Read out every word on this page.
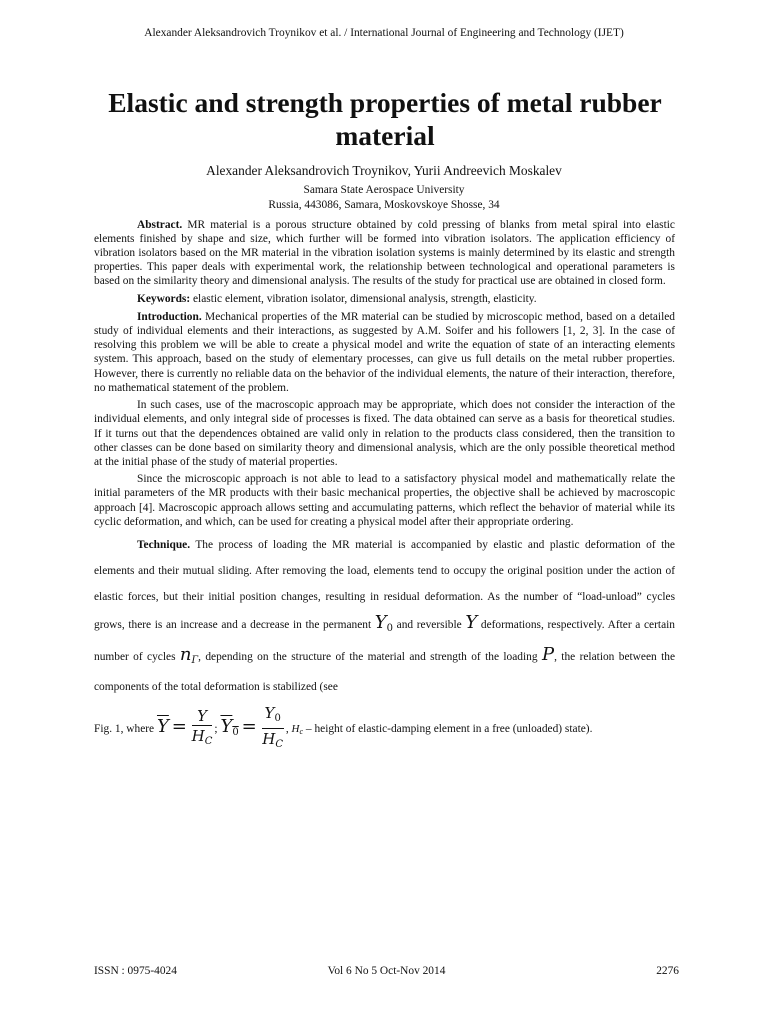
Alexander Aleksandrovich Troynikov et al. / International Journal of Engineering and Technology (IJET)
Elastic and strength properties of metal rubber material
Alexander Aleksandrovich Troynikov, Yurii Andreevich Moskalev
Samara State Aerospace University
Russia, 443086, Samara, Moskovskoye Shosse, 34

Abstract. MR material is a porous structure obtained by cold pressing of blanks from metal spiral into elastic elements finished by shape and size, which further will be formed into vibration isolators. The application efficiency of vibration isolators based on the MR material in the vibration isolation systems is mainly determined by its elastic and strength properties. This paper deals with experimental work, the relationship between technological and operational parameters is based on the similarity theory and dimensional analysis. The results of the study for practical use are obtained in closed form.

Keywords: elastic element, vibration isolator, dimensional analysis, strength, elasticity.

Introduction. Mechanical properties of the MR material can be studied by microscopic method, based on a detailed study of individual elements and their interactions, as suggested by A.M. Soifer and his followers [1, 2, 3]. In the case of resolving this problem we will be able to create a physical model and write the equation of state of an interacting elements system. This approach, based on the study of elementary processes, can give us full details on the metal rubber properties. However, there is currently no reliable data on the behavior of the individual elements, the nature of their interaction, therefore, no mathematical statement of the problem.

In such cases, use of the macroscopic approach may be appropriate, which does not consider the interaction of the individual elements, and only integral side of processes is fixed. The data obtained can serve as a basis for theoretical studies. If it turns out that the dependences obtained are valid only in relation to the products class considered, then the transition to other classes can be done based on similarity theory and dimensional analysis, which are the only possible theoretical method at the initial phase of the study of material properties.

Since the microscopic approach is not able to lead to a satisfactory physical model and mathematically relate the initial parameters of the MR products with their basic mechanical properties, the objective shall be achieved by macroscopic approach [4]. Macroscopic approach allows setting and accumulating patterns, which reflect the behavior of material while its cyclic deformation, and which, can be used for creating a physical model after their appropriate ordering.

Technique. The process of loading the MR material is accompanied by elastic and plastic deformation of the elements and their mutual sliding. After removing the load, elements tend to occupy the original position under the action of elastic forces, but their initial position changes, resulting in residual deformation. As the number of “load-unload” cycles grows, there is an increase and a decrease in the permanent $Y_0$ and reversible Y deformations, respectively. After a certain number of cycles $n_Г$, depending on the structure of the material and strength of the loading P, the relation between the components of the total deformation is stabilized (see

Fig. 1, where $\overline{Y} = \frac{Y}{H_C}$ ; $Y_0 = \frac{Y_0}{H_C}$ , Hc – height of elastic-damping element in a free (unloaded) state).
ISSN : 0975-4024	Vol 6 No 5 Oct-Nov 2014	2276
